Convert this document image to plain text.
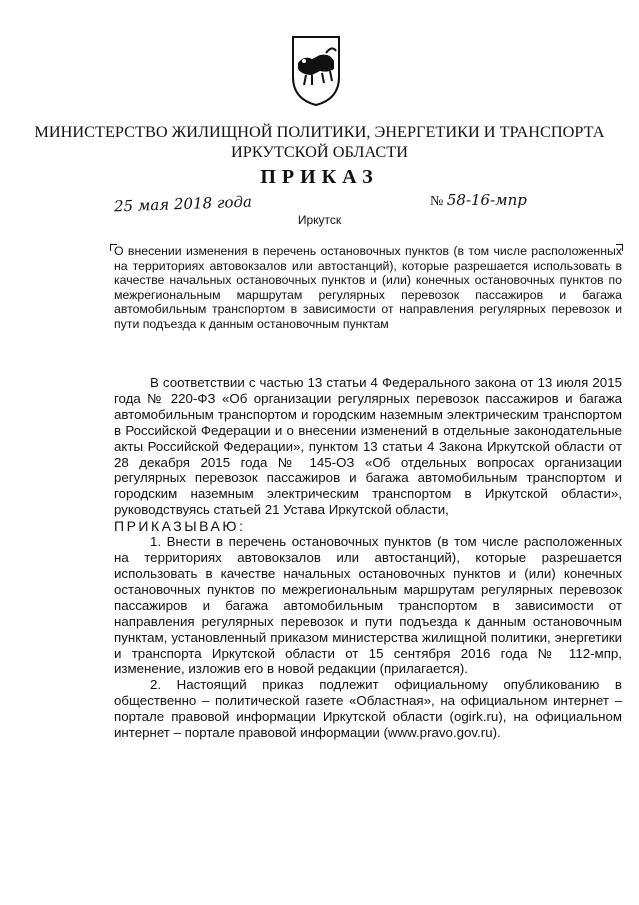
МИНИСТЕРСТВО ЖИЛИЩНОЙ ПОЛИТИКИ, ЭНЕРГЕТИКИ И ТРАНСПОРТА ИРКУТСКОЙ ОБЛАСТИ
ПРИКАЗ
25 мая 2018 года	№ 58-16-мпр
Иркутск
О внесении изменения в перечень остановочных пунктов (в том числе расположенных на территориях автовокзалов или автостанций), которые разрешается использовать в качестве начальных остановочных пунктов и (или) конечных остановочных пунктов по межрегиональным маршрутам регулярных перевозок пассажиров и багажа автомобильным транспортом в зависимости от направления регулярных перевозок и пути подъезда к данным остановочным пунктам

В соответствии с частью 13 статьи 4 Федерального закона от 13 июля 2015 года № 220-ФЗ «Об организации регулярных перевозок пассажиров и багажа автомобильным транспортом и городским наземным электрическим транспортом в Российской Федерации и о внесении изменений в отдельные законодательные акты Российской Федерации», пунктом 13 статьи 4 Закона Иркутской области от 28 декабря 2015 года № 145-ОЗ «Об отдельных вопросах организации регулярных перевозок пассажиров и багажа автомобильным транспортом и городским наземным электрическим транспортом в Иркутской области», руководствуясь статьей 21 Устава Иркутской области,

ПРИКАЗЫВАЮ:

1. Внести в перечень остановочных пунктов (в том числе расположенных на территориях автовокзалов или автостанций), которые разрешается использовать в качестве начальных остановочных пунктов и (или) конечных остановочных пунктов по межрегиональным маршрутам регулярных перевозок пассажиров и багажа автомобильным транспортом в зависимости от направления регулярных перевозок и пути подъезда к данным остановочным пунктам, установленный приказом министерства жилищной политики, энергетики и транспорта Иркутской области от 15 сентября 2016 года № 112-мпр, изменение, изложив его в новой редакции (прилагается).

2. Настоящий приказ подлежит официальному опубликованию в общественно – политической газете «Областная», на официальном интернет – портале правовой информации Иркутской области (ogirk.ru), на официальном интернет – портале правовой информации (www.pravo.gov.ru).
